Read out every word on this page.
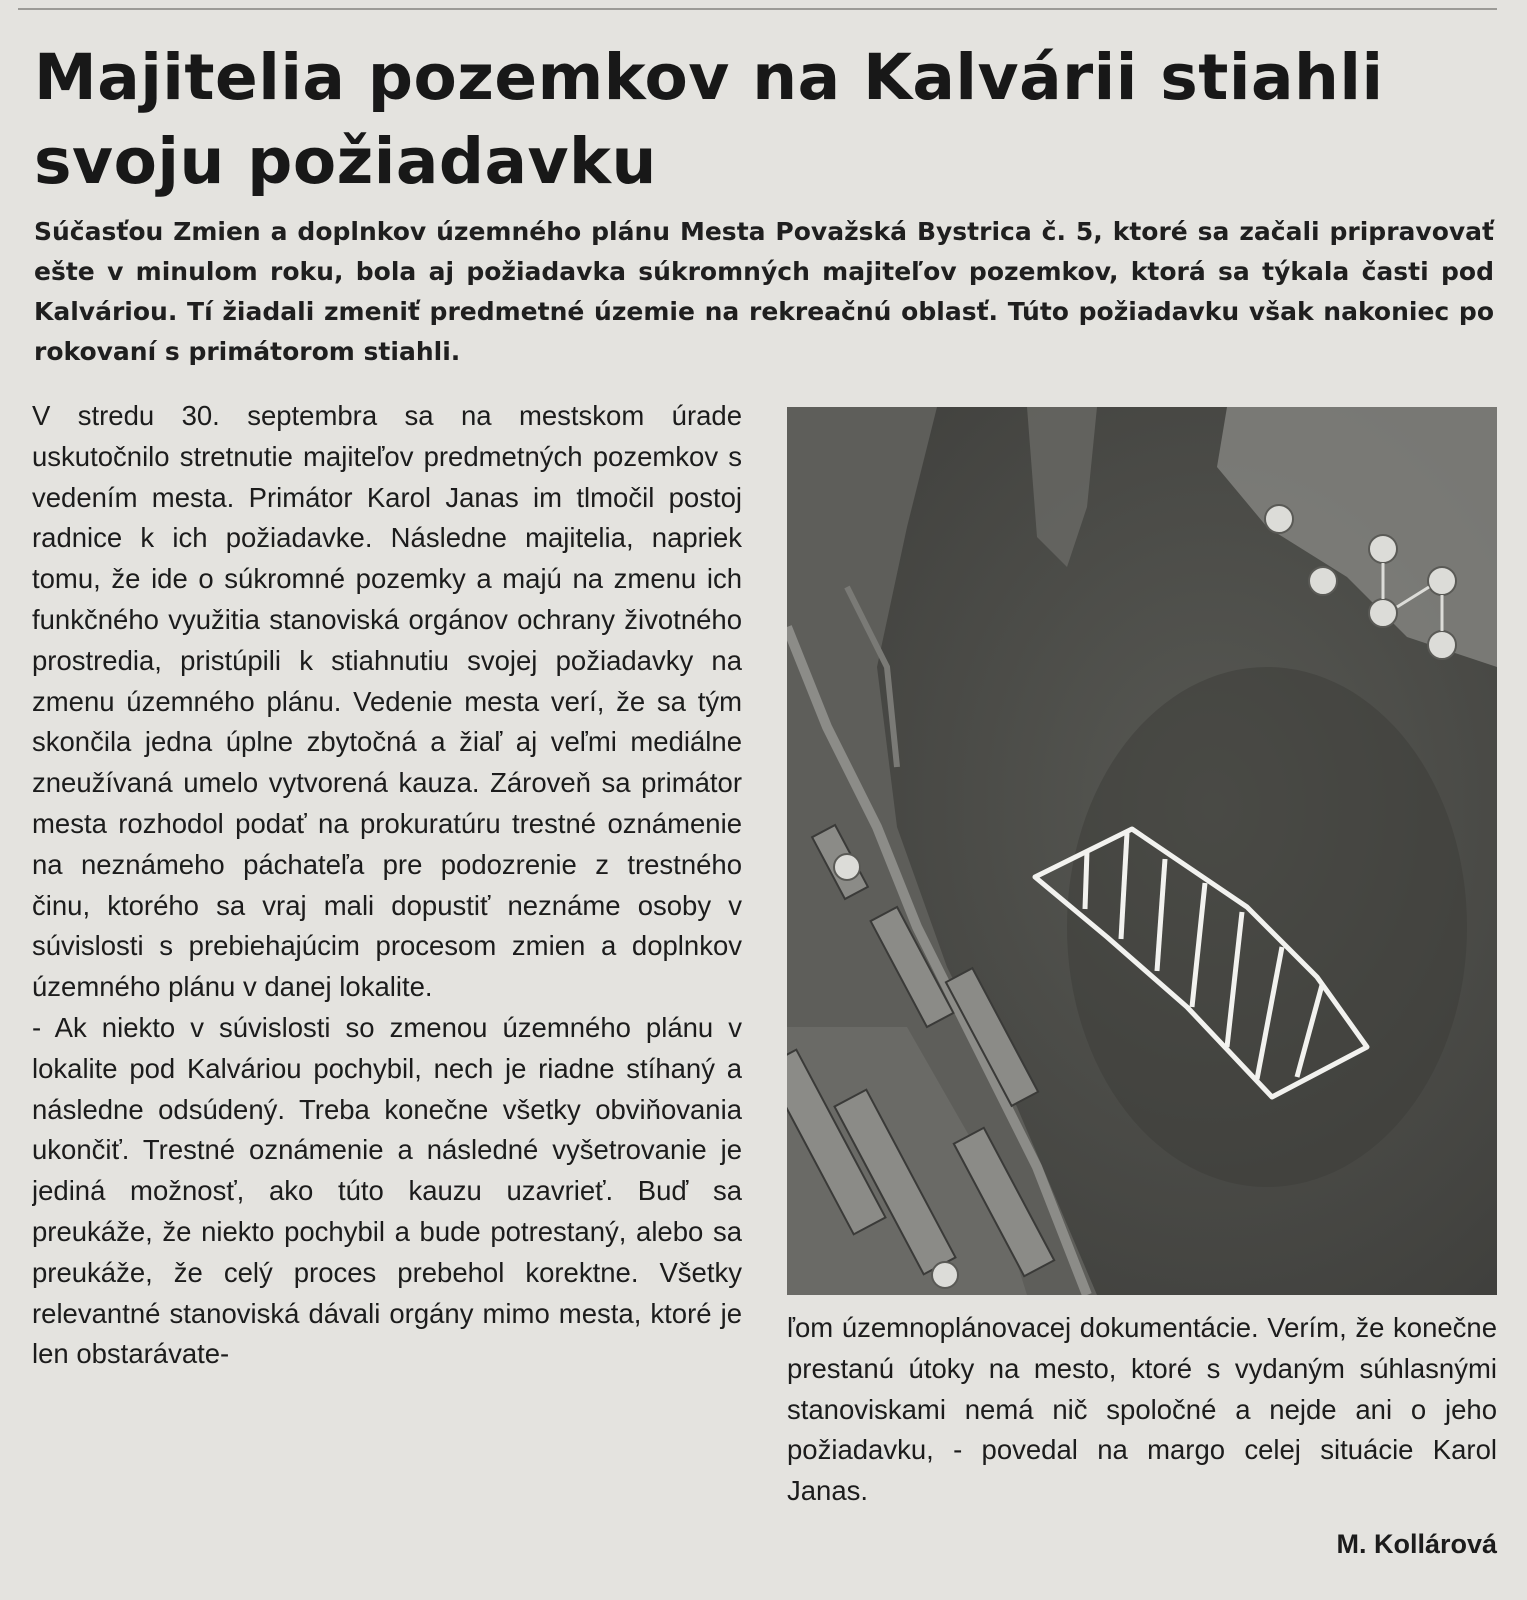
Majitelia pozemkov na Kalvárii stiahli svoju požiadavku

Súčasťou Zmien a doplnkov územného plánu Mesta Považská Bystrica č. 5, ktoré sa začali pripravovať ešte v minulom roku, bola aj požiadavka súkromných majiteľov pozemkov, ktorá sa týkala časti pod Kalváriou. Tí žiadali zmeniť predmetné územie na rekreačnú oblasť. Túto požiadavku však nakoniec po rokovaní s primátorom stiahli.

V stredu 30. septembra sa na mestskom úrade uskutočnilo stretnutie majiteľov predmetných pozemkov s vedením mesta. Primátor Karol Janas im tlmočil postoj radnice k ich požiadavke. Následne majitelia, napriek tomu, že ide o súkromné pozemky a majú na zmenu ich funkčného využitia stanoviská orgánov ochrany životného prostredia, pristúpili k stiahnutiu svojej požiadavky na zmenu územného plánu. Vedenie mesta verí, že sa tým skončila jedna úplne zbytočná a žiaľ aj veľmi mediálne zneužívaná umelo vytvorená kauza. Zároveň sa primátor mesta rozhodol podať na prokuratúru trestné oznámenie na neznámeho páchateľa pre podozrenie z trestného činu, ktorého sa vraj mali dopustiť neznáme osoby v súvislosti s prebiehajúcim procesom zmien a doplnkov územného plánu v danej lokalite.

- Ak niekto v súvislosti so zmenou územného plánu v lokalite pod Kalváriou pochybil, nech je riadne stíhaný a následne odsúdený. Treba konečne všetky obviňovania ukončiť. Trestné oznámenie a následné vyšetrovanie je jediná možnosť, ako túto kauzu uzavrieť. Buď sa preukáže, že niekto pochybil a bude potrestaný, alebo sa preukáže, že celý proces prebehol korektne. Všetky relevantné stanoviská dávali orgány mimo mesta, ktoré je len obstarávate-

ľom územnoplánovacej dokumentácie. Verím, že konečne prestanú útoky na mesto, ktoré s vydaným súhlasnými stanoviskami nemá nič spoločné a nejde ani o jeho požiadavku, - povedal na margo celej situácie Karol Janas.

M. Kollárová
